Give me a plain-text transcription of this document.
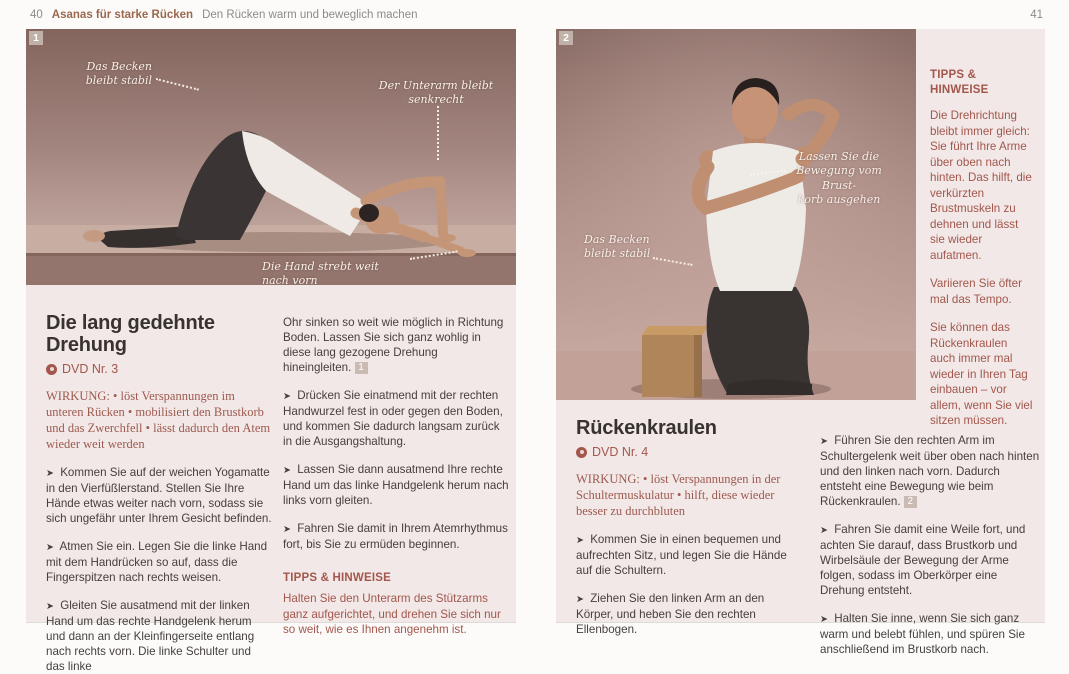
40 Asanas für starke Rücken Den Rücken warm und beweglich machen	41
1
Das Becken
bleibt stabil	Der Unterarm bleibt
senkrecht
Die Hand strebt weit nach vorn
Die lang gedehnte Drehung
DVD Nr. 3

WIRKUNG: • löst Verspannungen im unteren Rücken • mobilisiert den Brustkorb und das Zwerchfell • lässt dadurch den Atem wieder weit werden

➤ Kommen Sie auf der weichen Yogamatte in den Vierfüßlerstand. Stellen Sie Ihre Hände etwas weiter nach vorn, sodass sie sich ungefähr unter Ihrem Gesicht befinden.

➤ Atmen Sie ein. Legen Sie die linke Hand mit dem Handrücken so auf, dass die Fingerspitzen nach rechts weisen.

➤ Gleiten Sie ausatmend mit der linken Hand um das rechte Handgelenk herum und dann an der Kleinfingerseite entlang nach rechts vorn. Die linke Schulter und das linke

Ohr sinken so weit wie möglich in Richtung Boden. Lassen Sie sich ganz wohlig in diese lang gezogene Drehung hineingleiten. 1

➤ Drücken Sie einatmend mit der rechten Handwurzel fest in oder gegen den Boden, und kommen Sie dadurch langsam zurück in die Ausgangshaltung.

➤ Lassen Sie dann ausatmend Ihre rechte Hand um das linke Handgelenk herum nach links vorn gleiten.

➤ Fahren Sie damit in Ihrem Atemrhythmus fort, bis Sie zu ermüden beginnen.

TIPPS & HINWEISE

Halten Sie den Unterarm des Stützarms ganz aufgerichtet, und drehen Sie sich nur so weit, wie es Ihnen angenehm ist.

2
Lassen Sie die
Bewegung vom Brust-
korb ausgehen
Das Becken
bleibt stabil
TIPPS & HINWEISE

Die Drehrichtung bleibt immer gleich: Sie führt Ihre Arme über oben nach hinten. Das hilft, die verkürzten Brustmuskeln zu dehnen und lässt sie wieder aufatmen.

Variieren Sie öfter mal das Tempo.

Sie können das Rückenkraulen auch immer mal wieder in Ihren Tag einbauen – vor allem, wenn Sie viel sitzen müssen.

Rückenkraulen
DVD Nr. 4

WIRKUNG: • löst Verspannungen in der Schultermuskulatur • hilft, diese wieder besser zu durchbluten

➤ Kommen Sie in einen bequemen und aufrechten Sitz, und legen Sie die Hände auf die Schultern.

➤ Ziehen Sie den linken Arm an den Körper, und heben Sie den rechten Ellenbogen.

➤ Führen Sie den rechten Arm im Schultergelenk weit über oben nach hinten und den linken nach vorn. Dadurch entsteht eine Bewegung wie beim Rückenkraulen. 2

➤ Fahren Sie damit eine Weile fort, und achten Sie darauf, dass Brustkorb und Wirbelsäule der Bewegung der Arme folgen, sodass im Oberkörper eine Drehung entsteht.

➤ Halten Sie inne, wenn Sie sich ganz warm und belebt fühlen, und spüren Sie anschließend im Brustkorb nach.
